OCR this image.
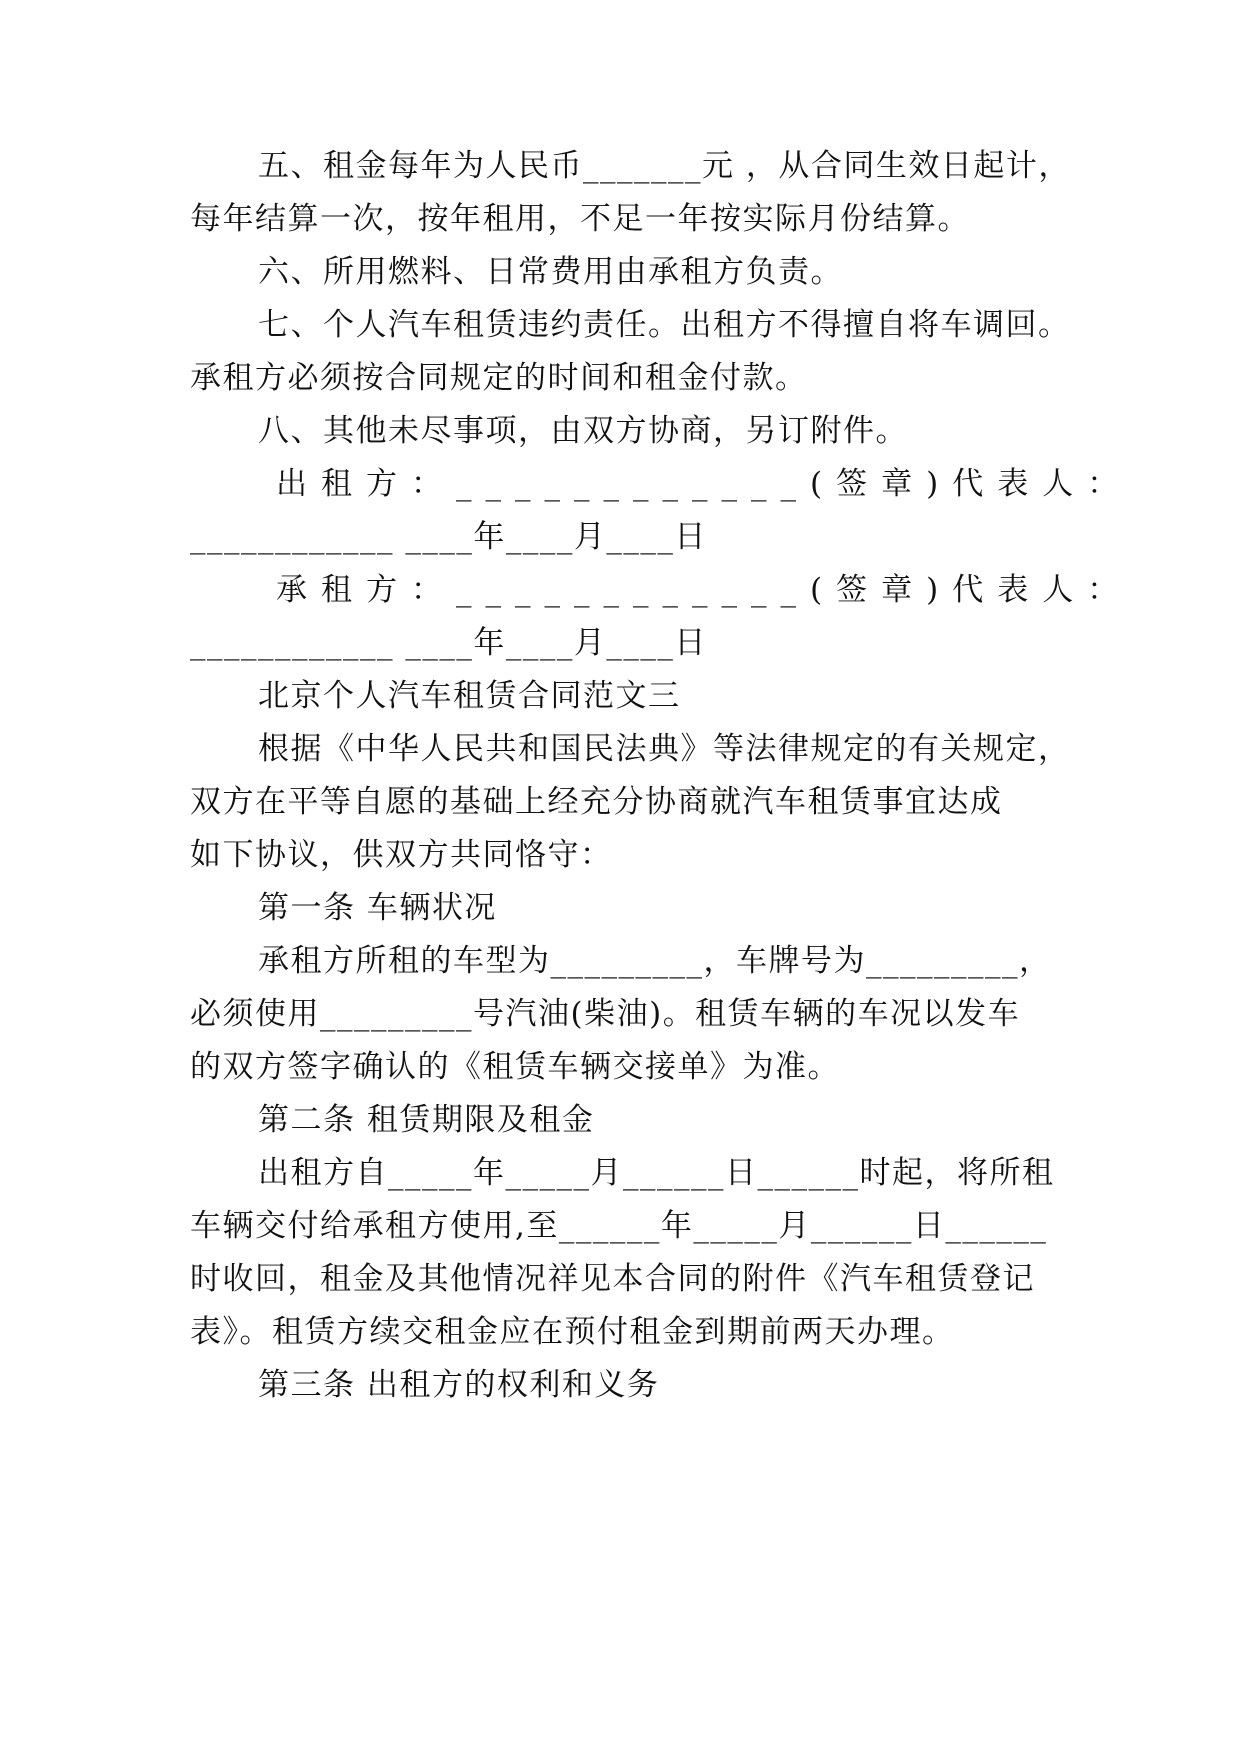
五、租金每年为人民币_______元 ，从合同生效日起计，
每年结算一次，按年租用，不足一年按实际月份结算。
六、所用燃料、日常费用由承租方负责。
七、个人汽车租赁违约责任。出租方不得擅自将车调回。
承租方必须按合同规定的时间和租金付款。
八、其他未尽事项，由双方协商，另订附件。
出租方：____________(签章)代表人：
____________ ____年____月____日
承租方：____________(签章)代表人：
____________ ____年____月____日
北京个人汽车租赁合同范文三
根据《中华人民共和国民法典》等法律规定的有关规定，
双方在平等自愿的基础上经充分协商就汽车租赁事宜达成
如下协议，供双方共同恪守：
第一条 车辆状况
承租方所租的车型为_________，车牌号为_________，
必须使用_________号汽油(柴油)。租赁车辆的车况以发车
的双方签字确认的《租赁车辆交接单》为准。
第二条 租赁期限及租金
出租方自_____年_____月______日______时起，将所租
车辆交付给承租方使用,至______年_____月______日______
时收回，租金及其他情况祥见本合同的附件《汽车租赁登记
表》。租赁方续交租金应在预付租金到期前两天办理。
第三条 出租方的权利和义务
